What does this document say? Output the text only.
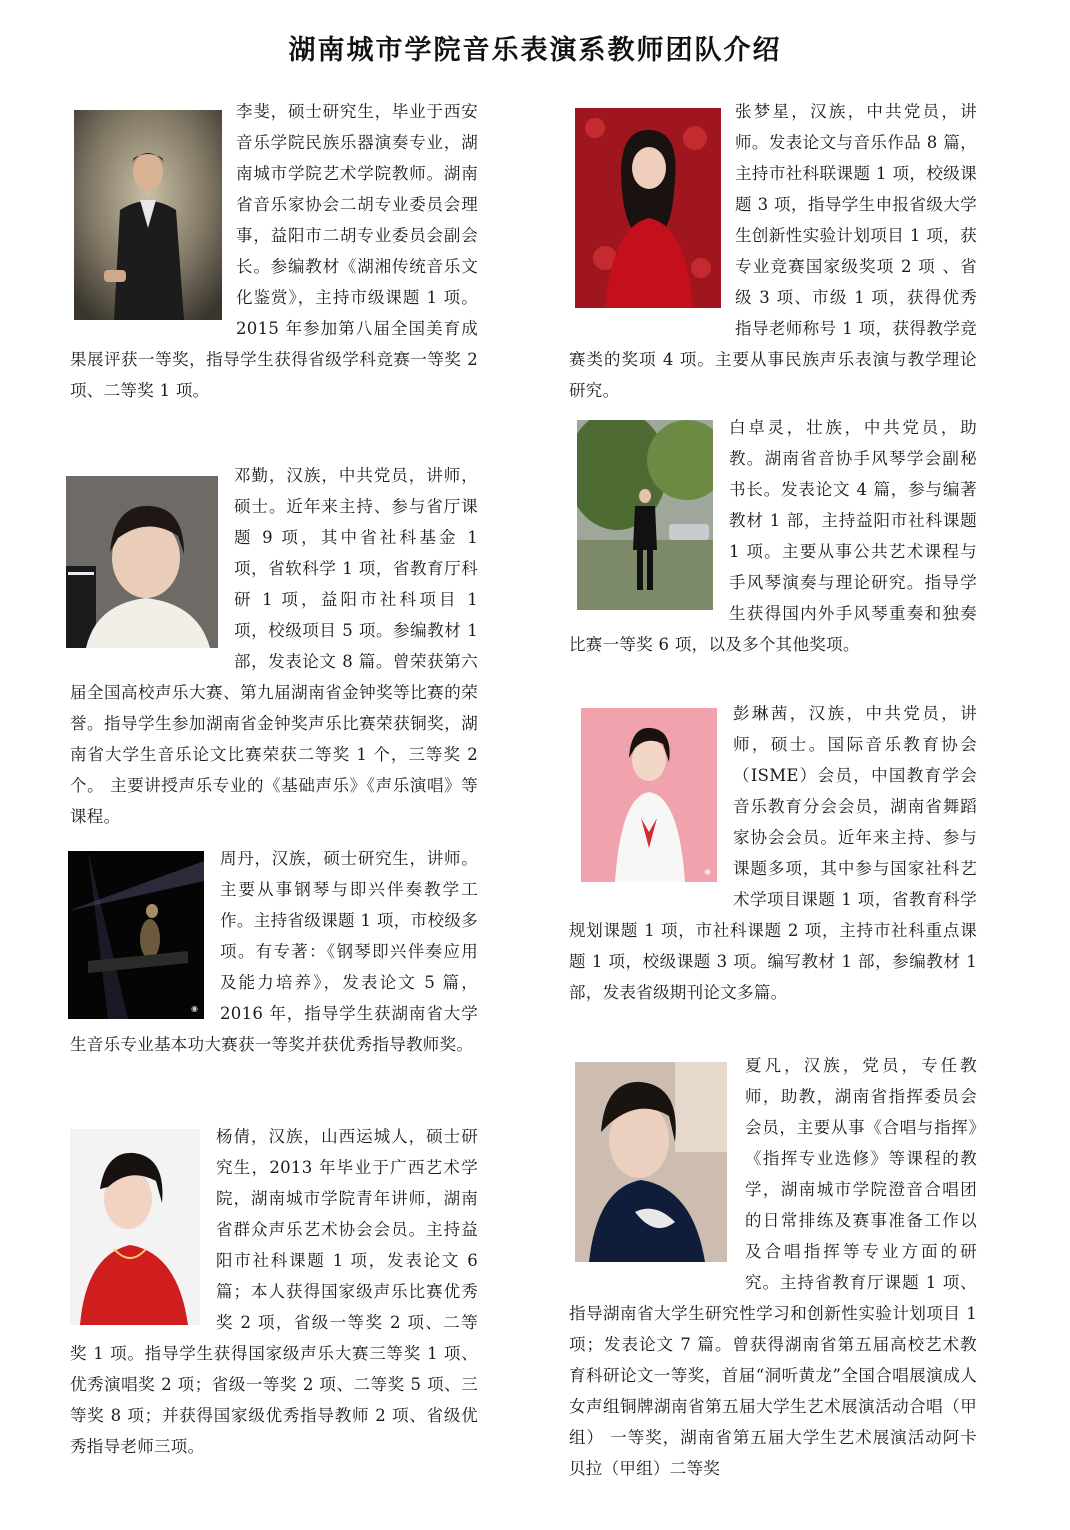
湖南城市学院音乐表演系教师团队介绍

李斐，硕士研究生，毕业于西安音乐学院民族乐器演奏专业，湖南城市学院艺术学院教师。湖南省音乐家协会二胡专业委员会理事，益阳市二胡专业委员会副会长。参编教材《湖湘传统音乐文化鉴赏》，主持市级课题 1 项。2015 年参加第八届全国美育成果展评获一等奖，指导学生获得省级学科竞赛一等奖 2 项、二等奖 1 项。

邓勤，汉族，中共党员，讲师，硕士。近年来主持、参与省厅课题 9 项，其中省社科基金 1 项，省软科学 1 项，省教育厅科研 1 项，益阳市社科项目 1 项，校级项目 5 项。参编教材 1 部，发表论文 8 篇。曾荣获第六届全国高校声乐大赛、第九届湖南省金钟奖等比赛的荣誉。指导学生参加湖南省金钟奖声乐比赛荣获铜奖，湖南省大学生音乐论文比赛荣获二等奖 1 个，三等奖 2 个。 主要讲授声乐专业的《基础声乐》《声乐演唱》等课程。

◉

周丹，汉族，硕士研究生，讲师。主要从事钢琴与即兴伴奏教学工作。主持省级课题 1 项，市校级多项。有专著：《钢琴即兴伴奏应用及能力培养》，发表论文 5 篇，2016 年，指导学生获湖南省大学生音乐专业基本功大赛获一等奖并获优秀指导教师奖。

杨倩，汉族，山西运城人，硕士研究生，2013 年毕业于广西艺术学院，湖南城市学院青年讲师，湖南省群众声乐艺术协会会员。主持益阳市社科课题 1 项，发表论文 6 篇；本人获得国家级声乐比赛优秀奖 2 项，省级一等奖 2 项、二等奖 1 项。指导学生获得国家级声乐大赛三等奖 1 项、优秀演唱奖 2 项；省级一等奖 2 项、二等奖 5 项、三等奖 8 项；并获得国家级优秀指导教师 2 项、省级优秀指导老师三项。

张梦星，汉族，中共党员，讲师。发表论文与音乐作品 8 篇，主持市社科联课题 1 项，校级课题 3 项，指导学生申报省级大学生创新性实验计划项目 1 项，获专业竞赛国家级奖项 2 项 、省级 3 项、市级 1 项，获得优秀指导老师称号 1 项，获得教学竞赛类的奖项 4 项。主要从事民族声乐表演与教学理论研究。

白卓灵，壮族，中共党员，助教。湖南省音协手风琴学会副秘书长。发表论文 4 篇，参与编著教材 1 部，主持益阳市社科课题 1 项。主要从事公共艺术课程与手风琴演奏与理论研究。指导学生获得国内外手风琴重奏和独奏比赛一等奖 6 项，以及多个其他奖项。

◉

彭琳茜，汉族，中共党员，讲师，硕士。国际音乐教育协会（ISME）会员，中国教育学会音乐教育分会会员，湖南省舞蹈家协会会员。近年来主持、参与课题多项，其中参与国家社科艺术学项目课题 1 项，省教育科学规划课题 1 项，市社科课题 2 项，主持市社科重点课题 1 项，校级课题 3 项。编写教材 1 部，参编教材 1 部，发表省级期刊论文多篇。

夏凡，汉族，党员，专任教师，助教，湖南省指挥委员会会员，主要从事《合唱与指挥》《指挥专业选修》等课程的教学，湖南城市学院澄音合唱团的日常排练及赛事准备工作以及合唱指挥等专业方面的研究。主持省教育厅课题 1 项、指导湖南省大学生研究性学习和创新性实验计划项目 1 项；发表论文 7 篇。曾获得湖南省第五届高校艺术教育科研论文一等奖，首届“洞听黄龙”全国合唱展演成人女声组铜牌湖南省第五届大学生艺术展演活动合唱（甲组） 一等奖，湖南省第五届大学生艺术展演活动阿卡贝拉（甲组）二等奖
